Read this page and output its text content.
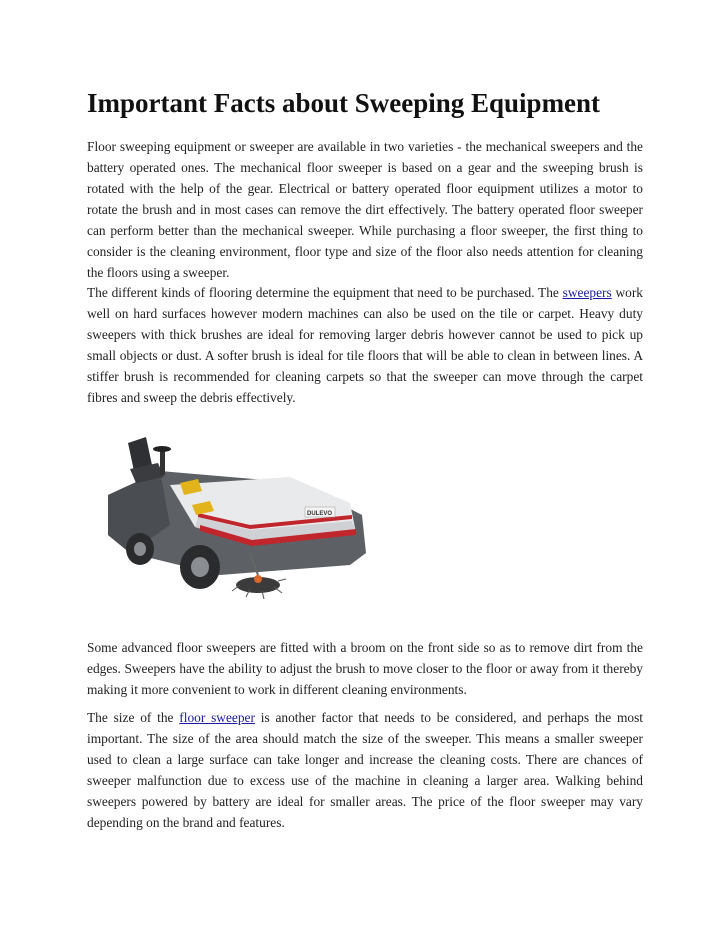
Important Facts about Sweeping Equipment

Floor sweeping equipment or sweeper are available in two varieties - the mechanical sweepers and the battery operated ones. The mechanical floor sweeper is based on a gear and the sweeping brush is rotated with the help of the gear. Electrical or battery operated floor equipment utilizes a motor to rotate the brush and in most cases can remove the dirt effectively. The battery operated floor sweeper can perform better than the mechanical sweeper. While purchasing a floor sweeper, the first thing to consider is the cleaning environment, floor type and size of the floor also needs attention for cleaning the floors using a sweeper.

The different kinds of flooring determine the equipment that need to be purchased. The sweepers work well on hard surfaces however modern machines can also be used on the tile or carpet. Heavy duty sweepers with thick brushes are ideal for removing larger debris however cannot be used to pick up small objects or dust. A softer brush is ideal for tile floors that will be able to clean in between lines. A stiffer brush is recommended for cleaning carpets so that the sweeper can move through the carpet fibres and sweep the debris effectively.

Some advanced floor sweepers are fitted with a broom on the front side so as to remove dirt from the edges. Sweepers have the ability to adjust the brush to move closer to the floor or away from it thereby making it more convenient to work in different cleaning environments.

The size of the floor sweeper is another factor that needs to be considered, and perhaps the most important. The size of the area should match the size of the sweeper. This means a smaller sweeper used to clean a large surface can take longer and increase the cleaning costs. There are chances of sweeper malfunction due to excess use of the machine in cleaning a larger area. Walking behind sweepers powered by battery are ideal for smaller areas. The price of the floor sweeper may vary depending on the brand and features.

DULEVO
